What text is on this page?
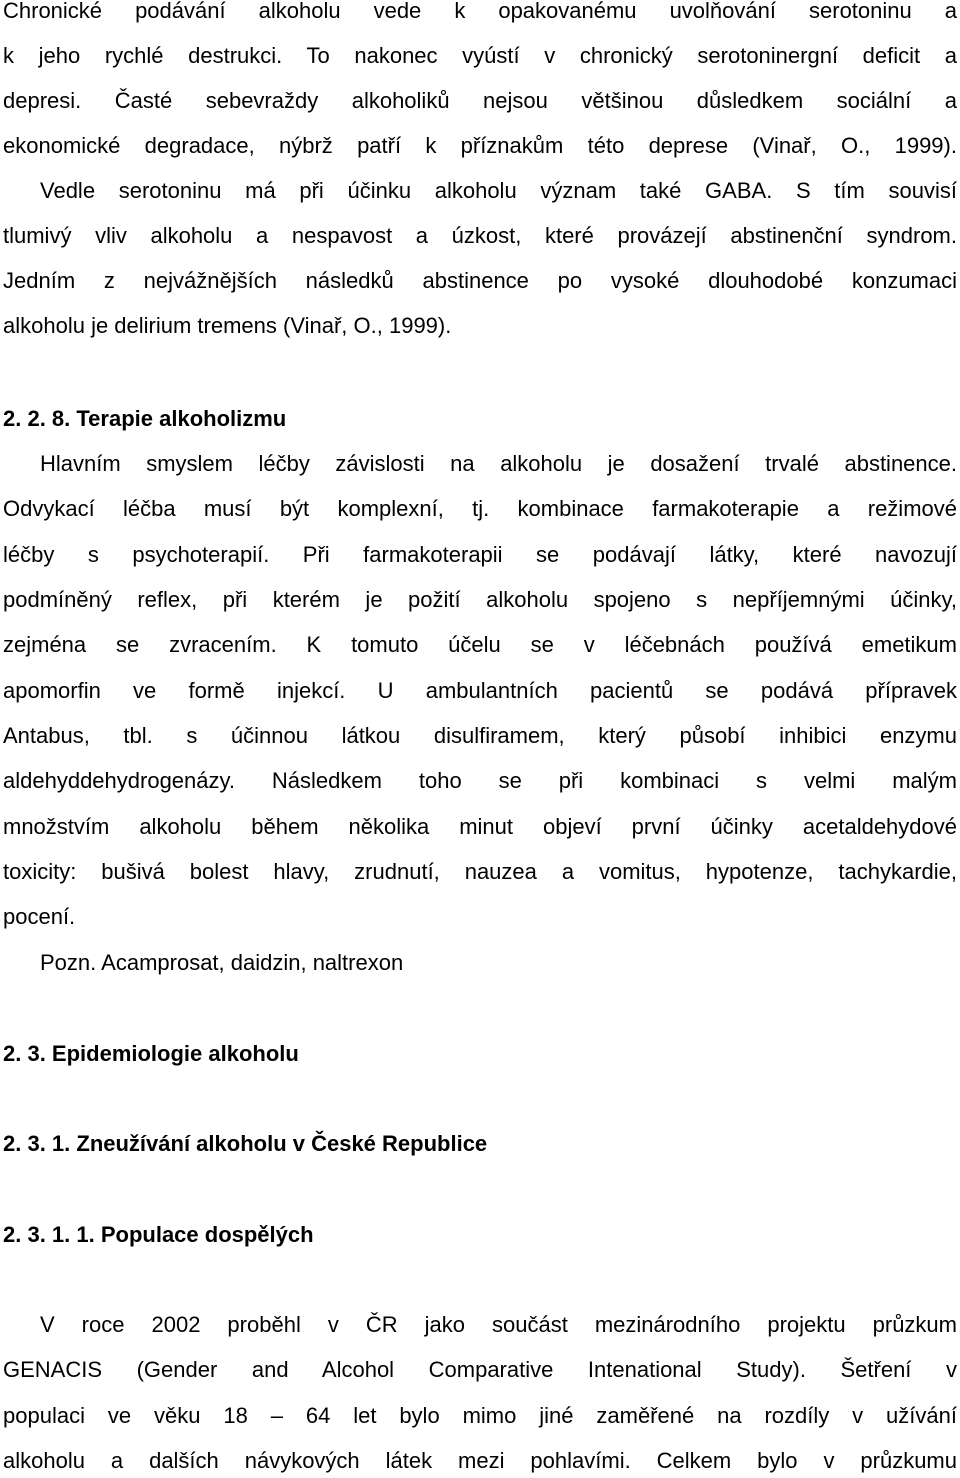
Chronické podávání alkoholu vede k opakovanému uvolňování serotoninu a
k jeho rychlé destrukci. To nakonec vyústí v chronický serotoninergní deficit a
depresi. Časté sebevraždy alkoholiků nejsou většinou důsledkem sociální a
ekonomické degradace, nýbrž patří k příznakům této deprese (Vinař, O., 1999).
Vedle serotoninu má při účinku alkoholu význam také GABA. S tím souvisí
tlumivý vliv alkoholu a nespavost a úzkost, které provázejí abstinenční syndrom.
Jedním z nejvážnějších následků abstinence po vysoké dlouhodobé konzumaci
alkoholu je delirium tremens (Vinař, O., 1999).
2. 2. 8. Terapie alkoholizmu
Hlavním smyslem léčby závislosti na alkoholu je dosažení trvalé abstinence.
Odvykací léčba musí být komplexní, tj. kombinace farmakoterapie a režimové
léčby s psychoterapií. Při farmakoterapii se podávají látky, které navozují
podmíněný reflex, při kterém je požití alkoholu spojeno s nepříjemnými účinky,
zejména se zvracením. K tomuto účelu se v léčebnách používá emetikum
apomorfin ve formě injekcí. U ambulantních pacientů se podává přípravek
Antabus, tbl. s účinnou látkou disulfiramem, který působí inhibici enzymu
aldehyddehydrogenázy. Následkem toho se při kombinaci s velmi malým
množstvím alkoholu během několika minut objeví první účinky acetaldehydové
toxicity: bušivá bolest hlavy, zrudnutí, nauzea a vomitus, hypotenze, tachykardie,
pocení.
Pozn. Acamprosat, daidzin, naltrexon
2. 3. Epidemiologie alkoholu
2. 3. 1. Zneužívání alkoholu v České Republice
2. 3. 1. 1. Populace dospělých
V roce 2002 proběhl v ČR jako součást mezinárodního projektu průzkum
GENACIS (Gender and Alcohol Comparative Intenational Study). Šetření v
populaci ve věku 18 – 64 let bylo mimo jiné zaměřené na rozdíly v užívání
alkoholu a dalších návykových látek mezi pohlavími. Celkem bylo v průzkumu
